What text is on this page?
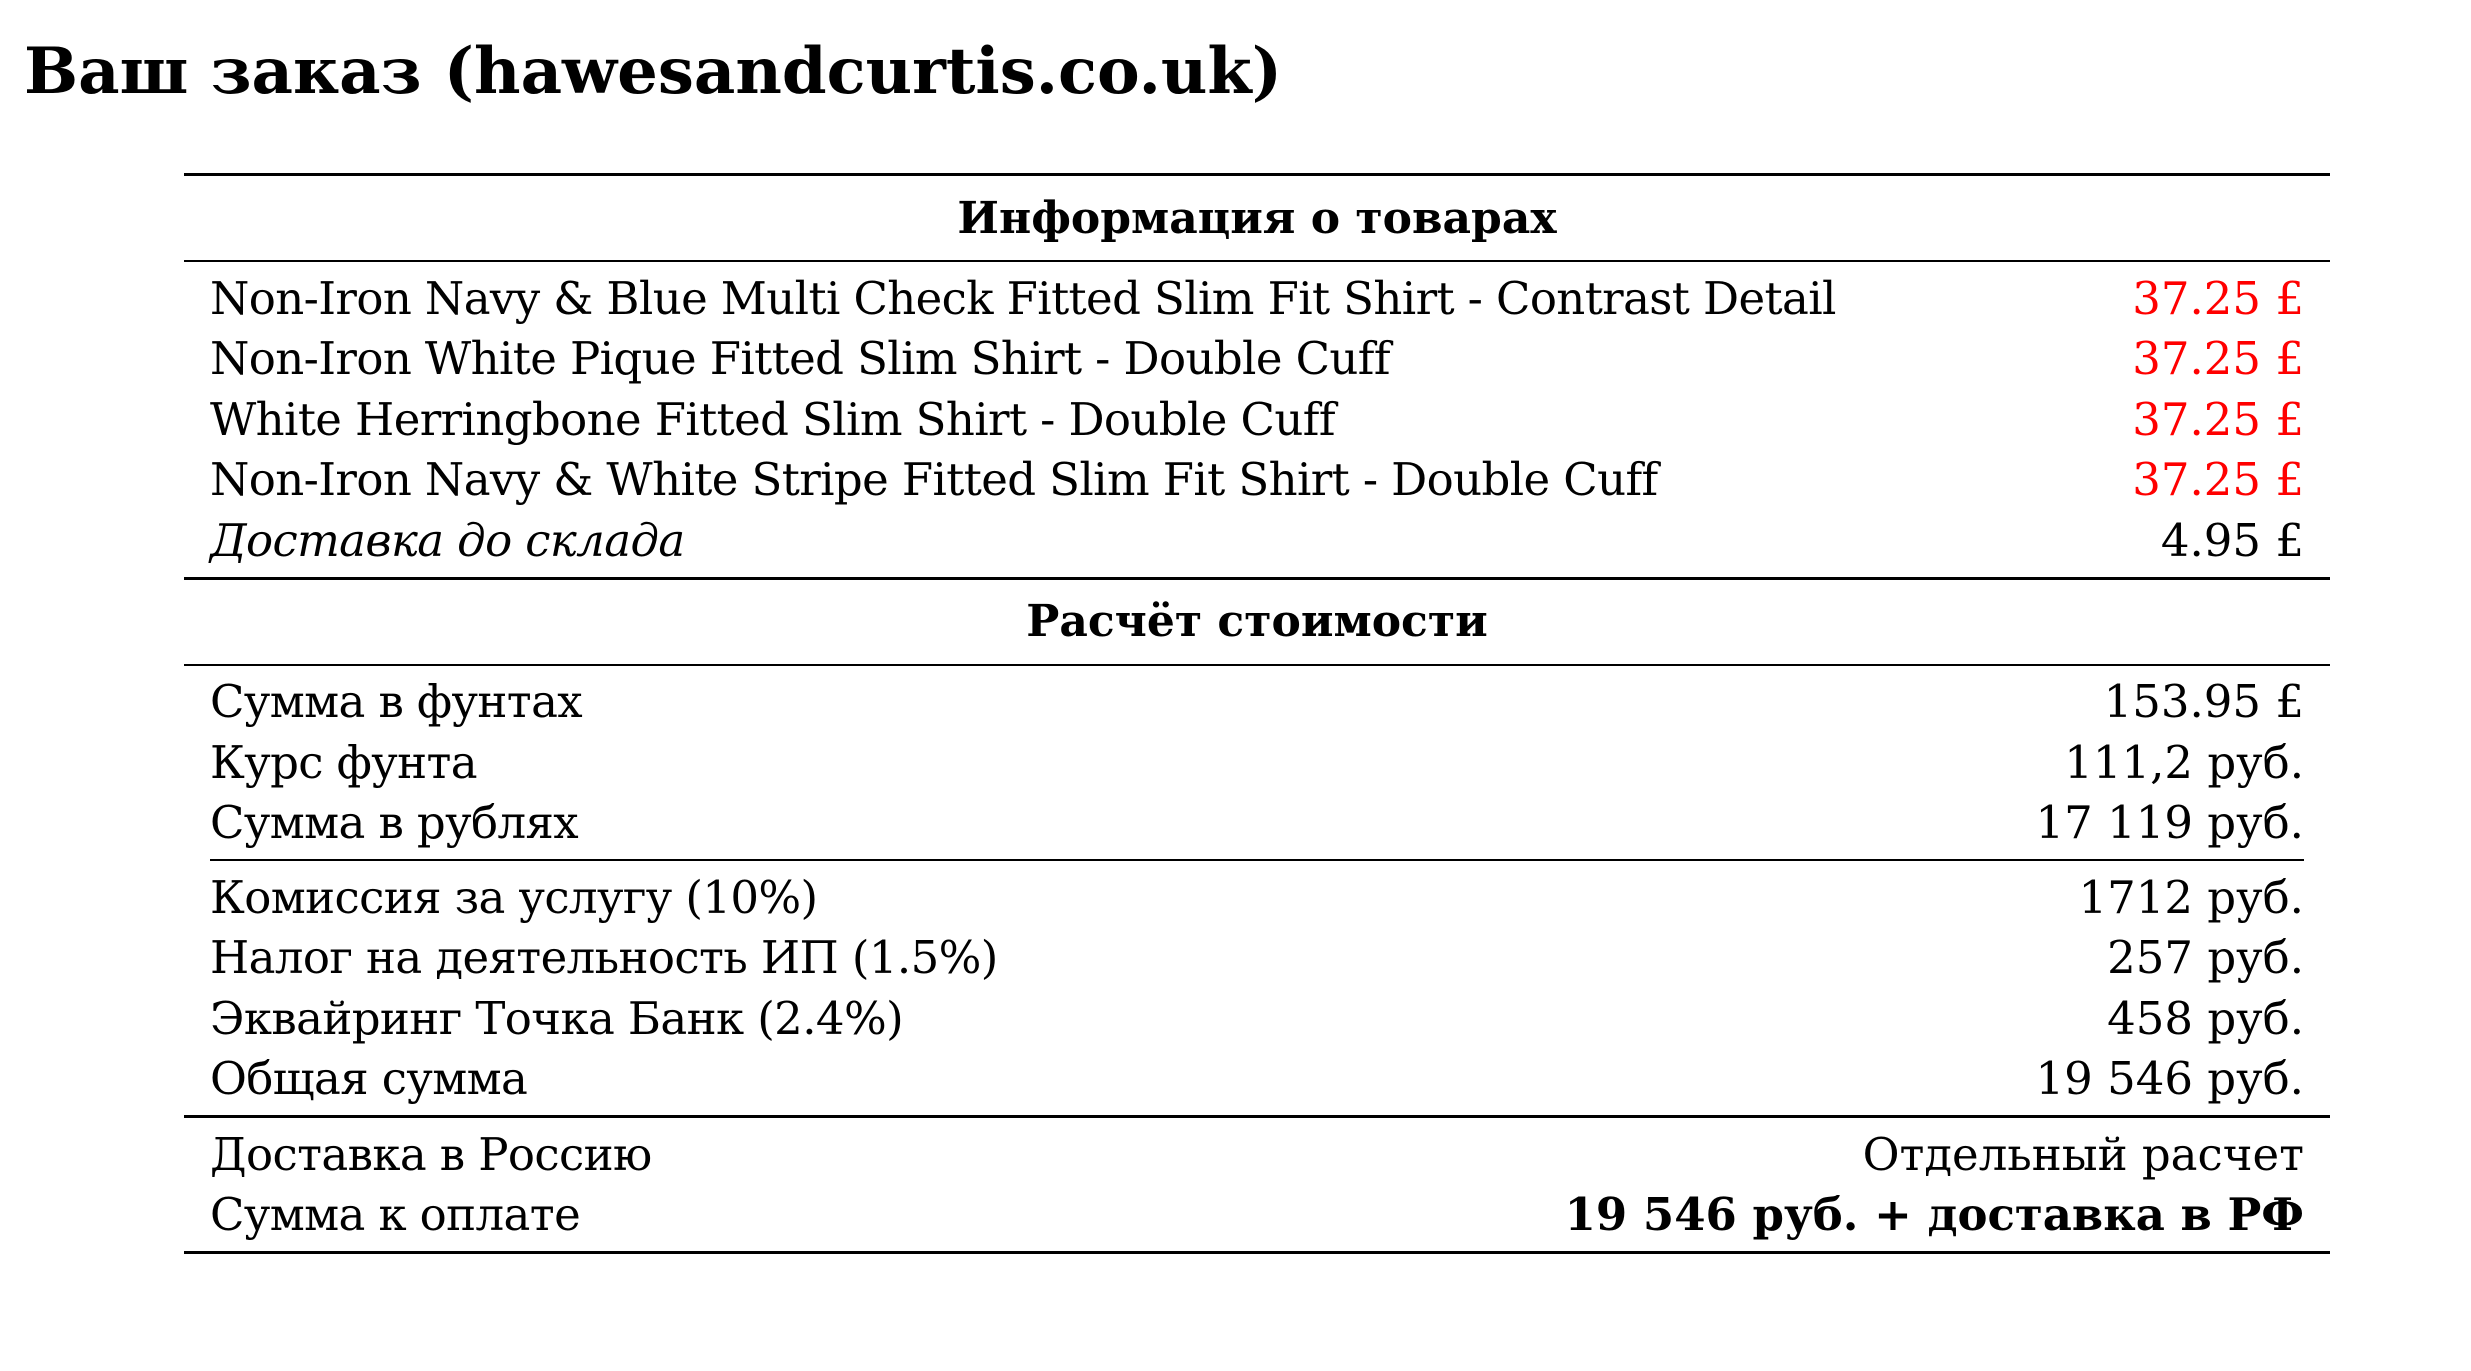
Ваш заказ (hawesandcurtis.co.uk)
Информация о товарах
Non-Iron Navy & Blue Multi Check Fitted Slim Fit Shirt - Contrast Detail	37.25 £
Non-Iron White Pique Fitted Slim Shirt - Double Cuff	37.25 £
White Herringbone Fitted Slim Shirt - Double Cuff	37.25 £
Non-Iron Navy & White Stripe Fitted Slim Fit Shirt - Double Cuff	37.25 £
Доставка до склада	4.95 £
Расчёт стоимости
Сумма в фунтах	153.95 £
Курс фунта	111,2 руб.
Сумма в рублях	17 119 руб.
Комиссия за услугу (10%)	1712 руб.
Налог на деятельность ИП (1.5%)	257 руб.
Эквайринг Точка Банк (2.4%)	458 руб.
Общая сумма	19 546 руб.
Доставка в Россию	Отдельный расчет
Сумма к оплате	19 546 руб. + доставка в РФ
